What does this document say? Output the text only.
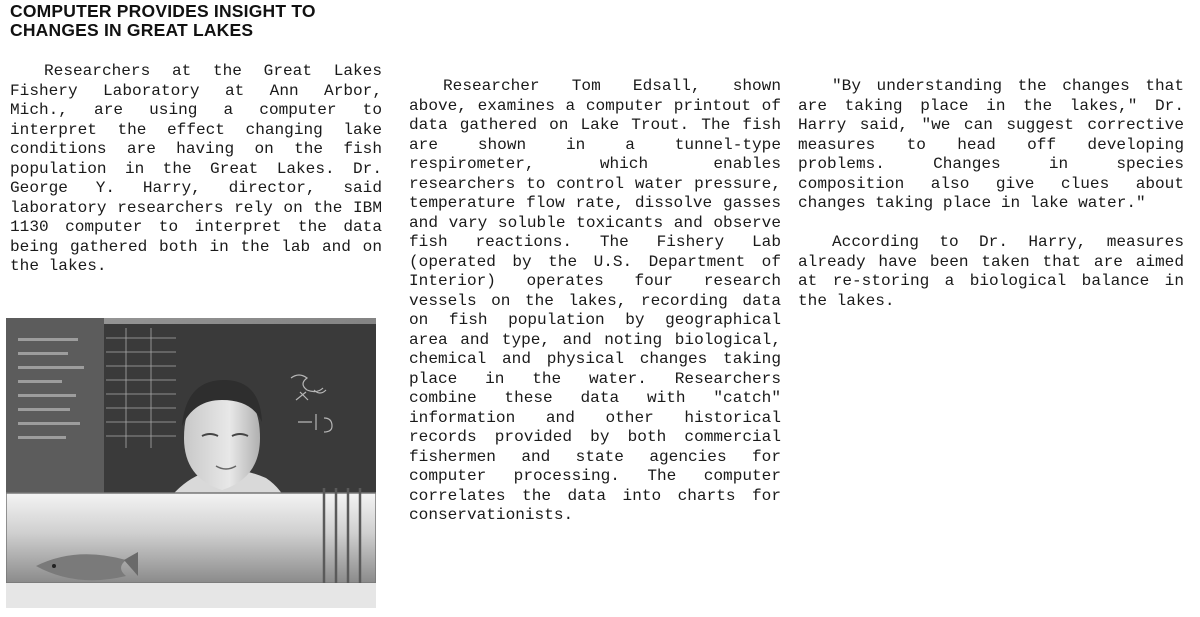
COMPUTER PROVIDES INSIGHT TO
CHANGES IN GREAT LAKES

Researchers at the Great Lakes Fishery Laboratory at Ann Arbor, Mich., are using a computer to interpret the effect changing lake conditions are having on the fish population in the Great Lakes. Dr. George Y. Harry, director, said laboratory researchers rely on the IBM 1130 computer to interpret the data being gathered both in the lab and on the lakes.

Researcher Tom Edsall, shown above, examines a computer printout of data gathered on Lake Trout. The fish are shown in a tunnel-type respirometer, which enables researchers to control water pressure, temperature flow rate, dissolve gasses and vary soluble toxicants and observe fish reactions. The Fishery Lab (operated by the U.S. Department of Interior) operates four research vessels on the lakes, recording data on fish population by geographical area and type, and noting biological, chemical and physical changes taking place in the water. Researchers combine these data with "catch" information and other historical records provided by both commercial fishermen and state agencies for computer processing. The computer correlates the data into charts for conservationists.

"By understanding the changes that are taking place in the lakes," Dr. Harry said, "we can suggest corrective measures to head off developing problems. Changes in species composition also give clues about changes taking place in lake water."

According to Dr. Harry, measures already have been taken that are aimed at re-storing a biological balance in the lakes.
